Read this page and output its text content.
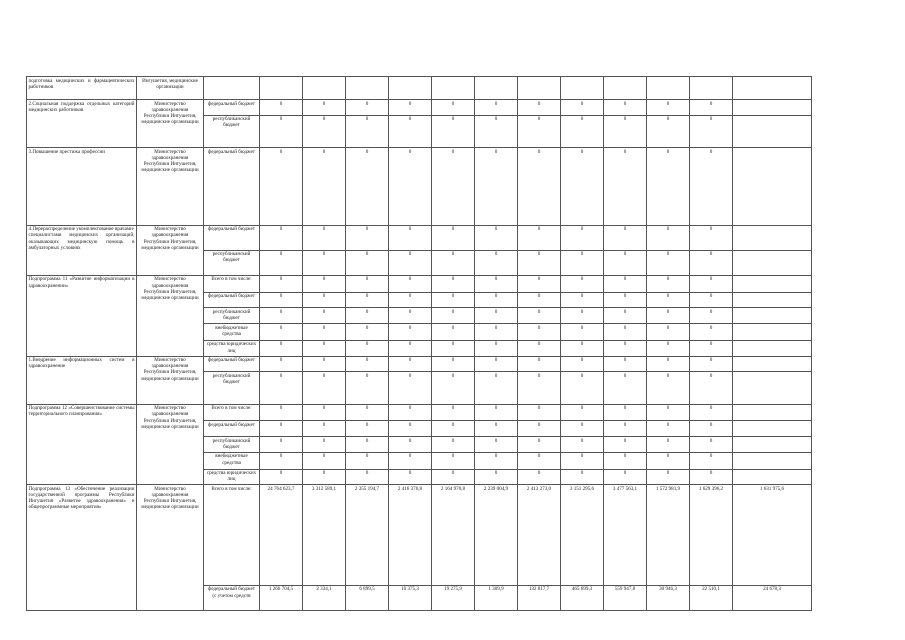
подготовка медицинских и фармацевтических работников	Ингушетия, медицинские организации													
2.Социальная поддержка отдельных категорий медицинских работников	Министерство здравоохранения Республики Ингушетия, медицинские организации	федеральный бюджет	0	0	0	0	0	0	0	0	0	0	0	
		республиканский бюджет	0	0	0	0	0	0	0	0	0	0	0	
3.Повышение престижа профессии	Министерство здравоохранения Республики Ингушетия, медицинские организации	федеральный бюджет	0	0	0	0	0	0	0	0	0	0	0	
4.Перераспределение укомплектование врачами-специалистами медицинских организаций, оказывающих медицинскую помощь в амбулаторных условиях	Министерство здравоохранения Республики Ингушетия, медицинские организации	федеральный бюджет	0	0	0	0	0	0	0	0	0	0	0	
		республиканский бюджет	0	0	0	0	0	0	0	0	0	0	0	
Подпрограмма 11 «Развитие информатизации в здравоохранении»	Министерство здравоохранения Республики Ингушетия, медицинские организации	Всего в том числе:	0	0	0	0	0	0	0	0	0	0	0	
		федеральный бюджет	0	0	0	0	0	0	0	0	0	0	0	
		республиканский бюджет	0	0	0	0	0	0	0	0	0	0	0	
		внебюджетные средства	0	0	0	0	0	0	0	0	0	0	0	
		средства юридических лиц	0	0	0	0	0	0	0	0	0	0	0	
1.Внедрение информационных систем в здравоохранение	Министерство здравоохранения Республики Ингушетия, медицинские организации	федеральный бюджет	0	0	0	0	0	0	0	0	0	0	0	
		республиканский бюджет	0	0	0	0	0	0	0	0	0	0	0	
Подпрограмма 12 «Совершенствование системы территориального планирования»	Министерство здравоохранения Республики Ингушетия, медицинские организации	Всего в том числе:	0	0	0	0	0	0	0	0	0	0	0	
		федеральный бюджет	0	0	0	0	0	0	0	0	0	0	0	
		республиканский бюджет	0	0	0	0	0	0	0	0	0	0	0	
		внебюджетные средства	0	0	0	0	0	0	0	0	0	0	0	
		средства юридических лиц	0	0	0	0	0	0	0	0	0	0	0	
Подпрограмма 13 «Обеспечение реализации государственной программы Республики Ингушетия «Развитие здравоохранения» и общепрограммные мероприятия»	Министерство здравоохранения Республики Ингушетия, медицинские организации	Всего в том числе:	24 764 623,7	3 312 589,1	2 355 194,7	2 416 376,8	2 164 970,8	2 239 004,9	2 413 273,0	3 151 295,6	3 477 563,1	1 572 981,9	1 629 396,2	1 631 975,6
		федеральный бюджет (с учетом средств	1 266 704,5	2 334,1	6 899,5	10 375,3	19 275,9	1 309,9	132 817,7	465 699,3	559 947,8	30 946,3	22 510,1	24 678,3
